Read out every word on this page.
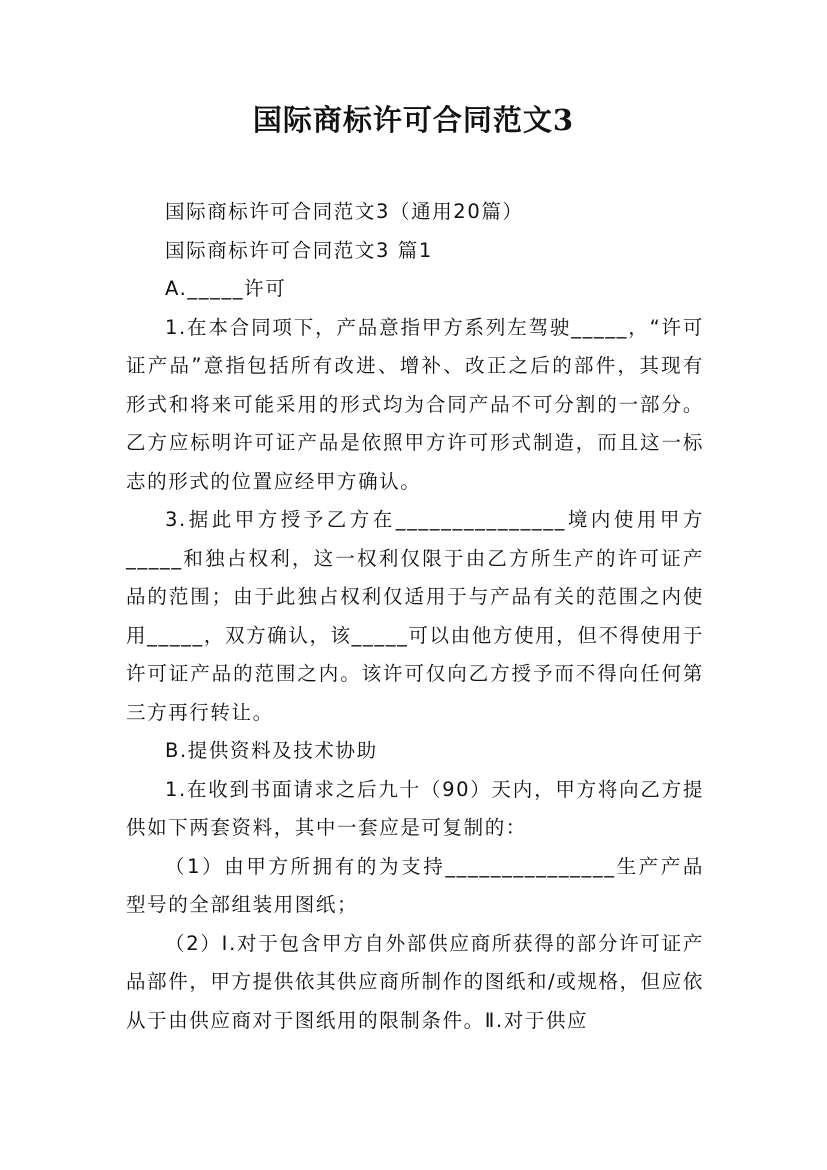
国际商标许可合同范文3

国际商标许可合同范文3（通用20篇）

国际商标许可合同范文3 篇1

A._____许可

1.在本合同项下，产品意指甲方系列左驾驶_____，“许可证产品”意指包括所有改进、增补、改正之后的部件，其现有形式和将来可能采用的形式均为合同产品不可分割的一部分。乙方应标明许可证产品是依照甲方许可形式制造，而且这一标志的形式的位置应经甲方确认。

3.据此甲方授予乙方在_______________境内使用甲方_____和独占权利，这一权利仅限于由乙方所生产的许可证产品的范围；由于此独占权利仅适用于与产品有关的范围之内使用_____，双方确认，该_____可以由他方使用，但不得使用于许可证产品的范围之内。该许可仅向乙方授予而不得向任何第三方再行转让。

B.提供资料及技术协助

1.在收到书面请求之后九十（90）天内，甲方将向乙方提供如下两套资料，其中一套应是可复制的：

（1）由甲方所拥有的为支持_______________生产产品型号的全部组装用图纸；

（2）Ⅰ.对于包含甲方自外部供应商所获得的部分许可证产品部件，甲方提供依其供应商所制作的图纸和/或规格，但应依从于由供应商对于图纸用的限制条件。Ⅱ.对于供应
